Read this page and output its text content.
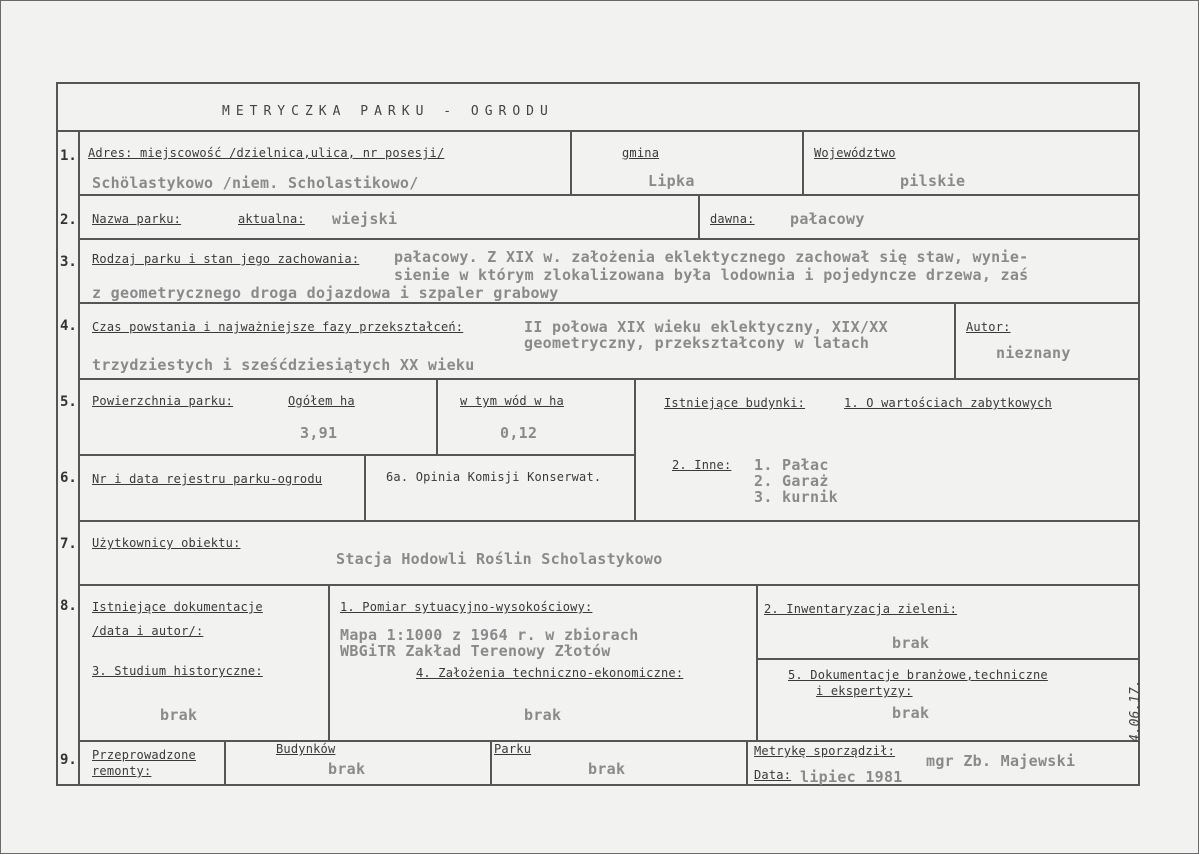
METRYCZKA PARKU - OGRODU
1. Adres: miejscowość /dzielnica,ulica, nr posesji/
Schölastykowo /niem. Scholastikowo/
gmina
Lipka
Województwo
pilskie
2. Nazwa parku:	aktualna: wiejski	dawna: pałacowy
3. Rodzaj parku i stan jego zachowania: pałacowy. Z XIX w. założenia eklektycznego zachował się staw, wynie-
sienie w którym zlokalizowana była lodownia i pojedyncze drzewa, zaś
z geometrycznego droga dojazdowa i szpaler grabowy
4. Czas powstania i najważniejsze fazy przekształceń:	II połowa XIX wieku eklektyczny, XIX/XX
geometryczny, przekształcony w latach
trzydziestych i sześćdziesiątych XX wieku
Autor:
nieznany
5. Powierzchnia parku:	Ogółem ha
3,91
w tym wód w ha
0,12
Istniejące budynki:	1. O wartościach zabytkowych
6. Nr i data rejestru parku-ogrodu	6a. Opinia Komisji Konserwat.
2. Inne: 1. Pałac
2. Garaż
3. kurnik
7. Użytkownicy obiektu:
Stacja Hodowli Roślin Scholastykowo
8. Istniejące dokumentacje
/data i autor/:
1. Pomiar sytuacyjno-wysokościowy:
Mapa 1:1000 z 1964 r. w zbiorach
WBGiTR Zakład Terenowy Złotów
2. Inwentaryzacja zieleni:
brak
3. Studium historyczne:
brak
4. Założenia techniczno-ekonomiczne:
brak
5. Dokumentacje branżowe,techniczne
i ekspertyzy:
brak
9. Przeprowadzone
remonty:
Budynków
brak
Parku
brak
Metrykę sporządził:
mgr Zb. Majewski
Data: lipiec 1981
4.06.17.
